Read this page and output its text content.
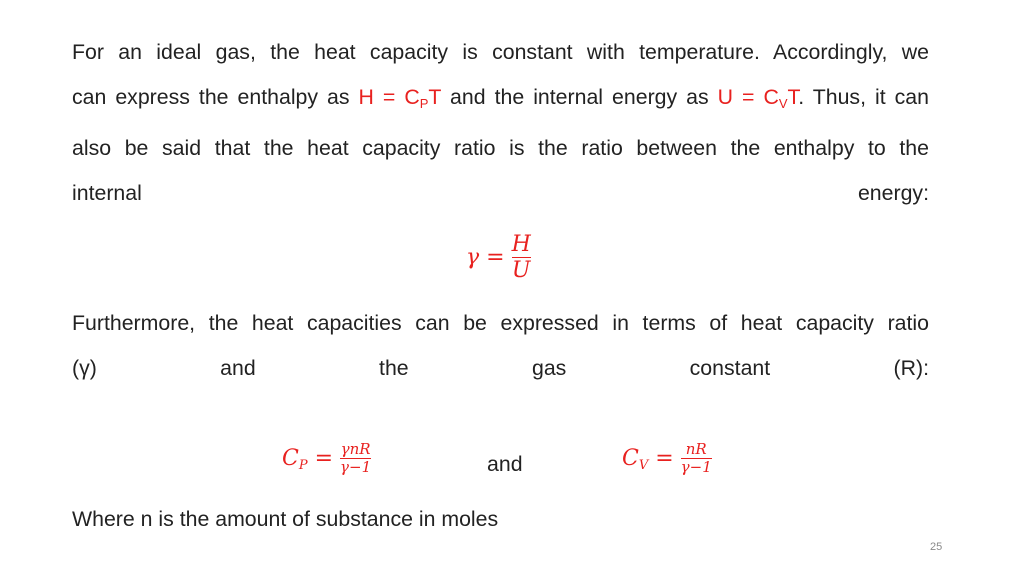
For an ideal gas, the heat capacity is constant with temperature. Accordingly, we
can express the enthalpy as $H = C_PT$ and the internal energy as $U = C_VT$. Thus, it can
also be said that the heat capacity ratio is the ratio between the enthalpy to the
internal energy:
$\gamma = \frac{H}{U}$
Furthermore, the heat capacities can be expressed in terms of heat capacity ratio
(γ) and the gas constant (R):
$C_P = \frac{\text{γnR}}{\gamma-1}$	and	$C_V = \frac{nR}{\gamma-1}$
Where n is the amount of substance in moles
25
